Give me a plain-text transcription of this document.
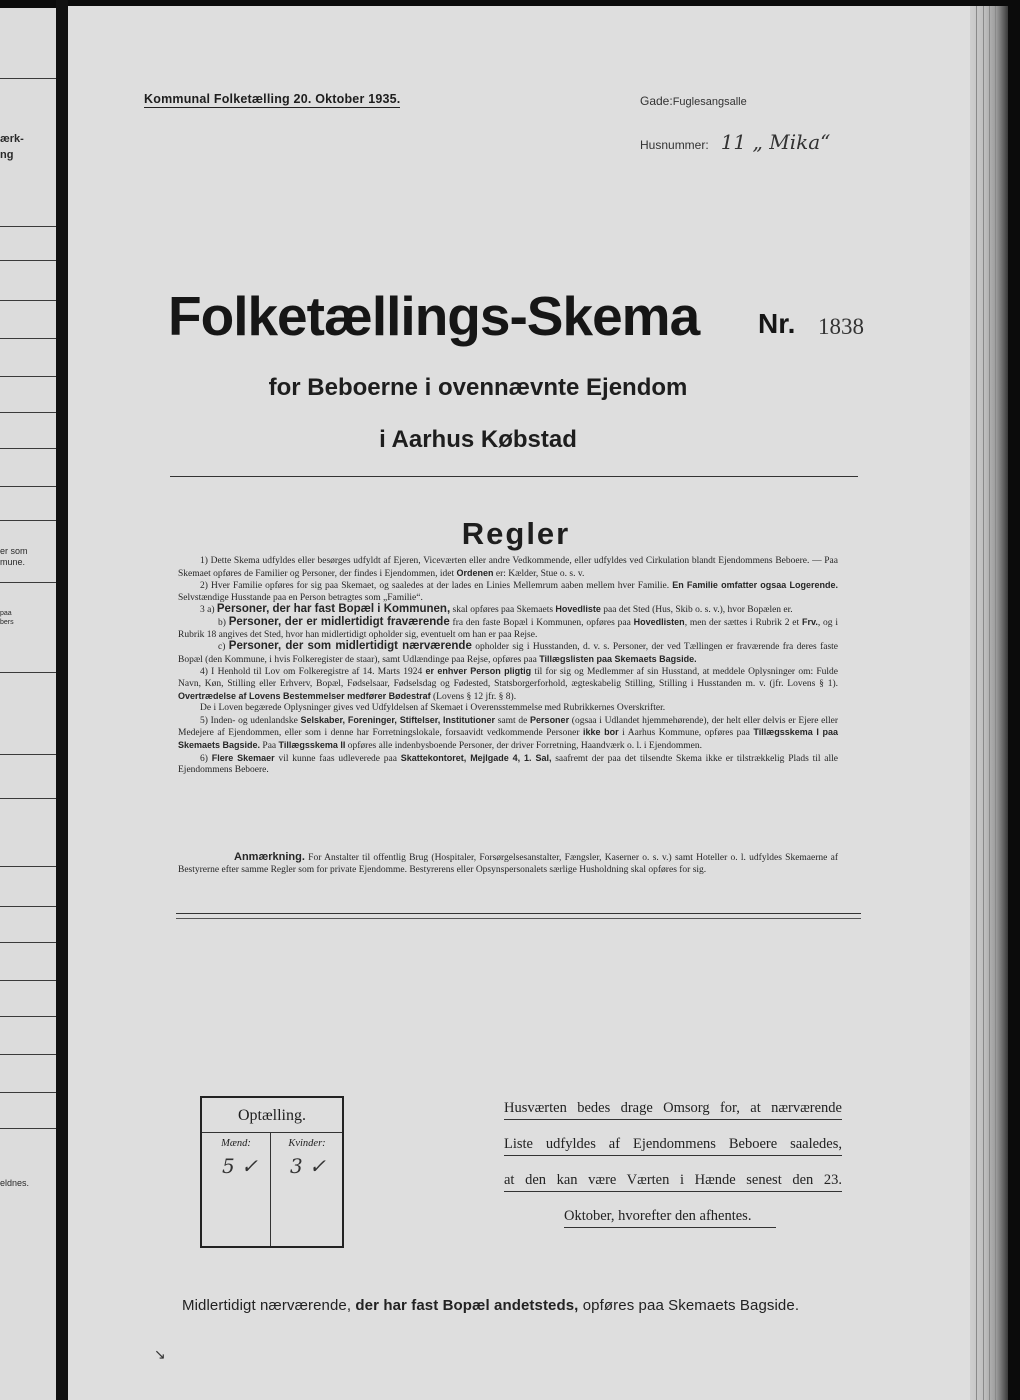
ærk-
ng
er som
mune.
paa
bers
eldnes.
Kommunal Folketælling 20. Oktober 1935.	Gade:Fuglesangsalle
Husnummer: 11 „ Mika“
Folketællings-Skema Nr. 1838
for Beboerne i ovennævnte Ejendom
i Aarhus Købstad
Regler

1) Dette Skema udfyldes eller besørges udfyldt af Ejeren, Viceværten eller andre Vedkommende, eller udfyldes ved Cirkulation blandt Ejendommens Beboere. — Paa Skemaet opføres de Familier og Personer, der findes i Ejendommen, idet Ordenen er: Kælder, Stue o. s. v.

2) Hver Familie opføres for sig paa Skemaet, og saaledes at der lades en Linies Mellemrum aaben mellem hver Familie. En Familie omfatter ogsaa Logerende. Selvstændige Husstande paa en Person betragtes som „Familie“.

3 a) Personer, der har fast Bopæl i Kommunen, skal opføres paa Skemaets Hovedliste paa det Sted (Hus, Skib o. s. v.), hvor Bopælen er.

b) Personer, der er midlertidigt fraværende fra den faste Bopæl i Kommunen, opføres paa Hovedlisten, men der sættes i Rubrik 2 et Frv., og i Rubrik 18 angives det Sted, hvor han midlertidigt opholder sig, eventuelt om han er paa Rejse.

c) Personer, der som midlertidigt nærværende opholder sig i Husstanden, d. v. s. Personer, der ved Tællingen er fraværende fra deres faste Bopæl (den Kommune, i hvis Folkeregister de staar), samt Udlændinge paa Rejse, opføres paa Tillægslisten paa Skemaets Bagside.

4) I Henhold til Lov om Folkeregistre af 14. Marts 1924 er enhver Person pligtig til for sig og Medlemmer af sin Husstand, at meddele Oplysninger om: Fulde Navn, Køn, Stilling eller Erhverv, Bopæl, Fødselsaar, Fødselsdag og Fødested, Statsborgerforhold, ægteskabelig Stilling, Stilling i Husstanden m. v. (jfr. Lovens § 1). Overtrædelse af Lovens Bestemmelser medfører Bødestraf (Lovens § 12 jfr. § 8).

De i Loven begærede Oplysninger gives ved Udfyldelsen af Skemaet i Overensstemmelse med Rubrikkernes Overskrifter.

5) Inden- og udenlandske Selskaber, Foreninger, Stiftelser, Institutioner samt de Personer (ogsaa i Udlandet hjemmehørende), der helt eller delvis er Ejere eller Medejere af Ejendommen, eller som i denne har Forretningslokale, forsaavidt vedkommende Personer ikke bor i Aarhus Kommune, opføres paa Tillægsskema I paa Skemaets Bagside. Paa Tillægsskema II opføres alle indenbysboende Personer, der driver Forretning, Haandværk o. l. i Ejendommen.

6) Flere Skemaer vil kunne faas udleverede paa Skattekontoret, Mejlgade 4, 1. Sal, saafremt der paa det tilsendte Skema ikke er tilstrækkelig Plads til alle Ejendommens Beboere.

Anmærkning. For Anstalter til offentlig Brug (Hospitaler, Forsørgelsesanstalter, Fængsler, Kaserner o. s. v.) samt Hoteller o. l. udfyldes Skemaerne af Bestyrerne efter samme Regler som for private Ejendomme. Bestyrerens eller Opsynspersonalets særlige Husholdning skal opføres for sig.

Optælling.
Mænd:	Kvinder:
5 ✓ 3 ✓
Husværten bedes drage Omsorg for, at nærværende
Liste udfyldes af Ejendommens Beboere saaledes,
at den kan være Værten i Hænde senest den 23.
Oktober, hvorefter den afhentes.
Midlertidigt nærværende, der har fast Bopæl andetsteds, opføres paa Skemaets Bagside.
↘
